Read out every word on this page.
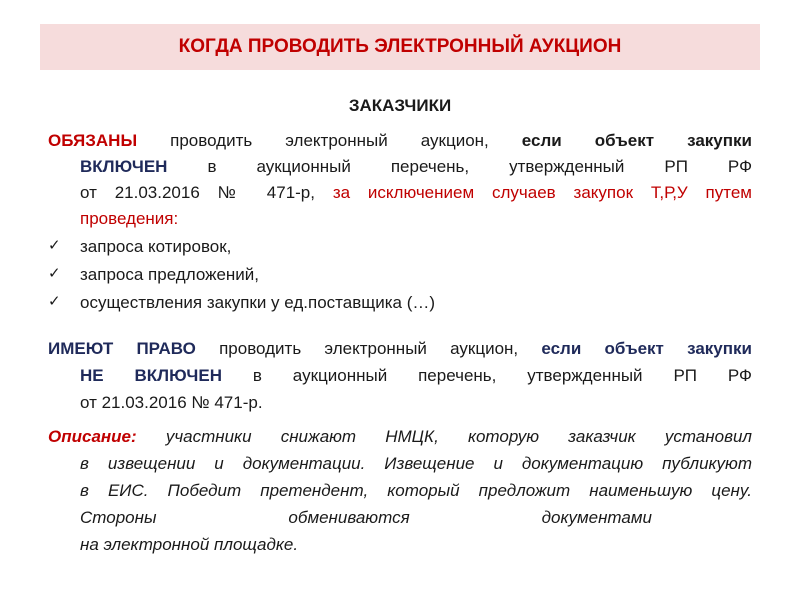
КОГДА ПРОВОДИТЬ ЭЛЕКТРОННЫЙ АУКЦИОН
ЗАКАЗЧИКИ
ОБЯЗАНЫ проводить электронный аукцион, если объект закупки
ВКЛЮЧЕН в аукционный перечень, утвержденный РП РФ
от 21.03.2016 № 471-р, за исключением случаев закупок Т,Р,У путем
проведения:
✓ запроса котировок,
✓ запроса предложений,
✓ осуществления закупки у ед.поставщика (…)
ИМЕЮТ ПРАВО проводить электронный аукцион, если объект закупки
НЕ ВКЛЮЧЕН в аукционный перечень, утвержденный РП РФ
от 21.03.2016 № 471-р.
Описание: участники снижают НМЦК, которую заказчик установил
в извещении и документации. Извещение и документацию публикуют
в ЕИС. Победит претендент, который предложит наименьшую цену.
Стороны	обмениваются	документами
на электронной площадке.
